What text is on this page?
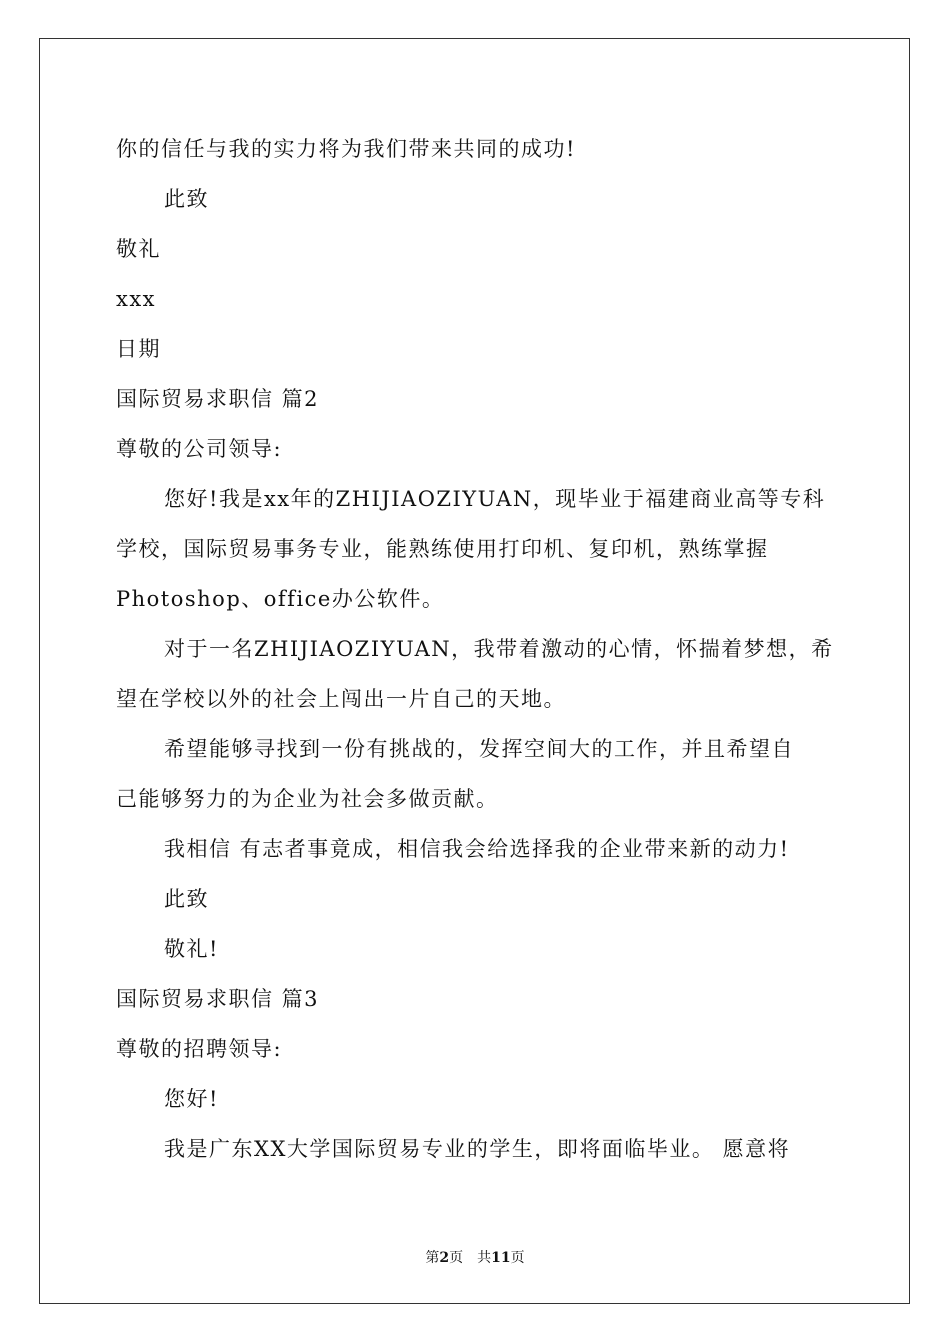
你的信任与我的实力将为我们带来共同的成功!
此致
敬礼
xxx
日期
国际贸易求职信 篇2
尊敬的公司领导:
您好!我是xx年的ZHIJIAOZIYUAN，现毕业于福建商业高等专科
学校，国际贸易事务专业，能熟练使用打印机、复印机，熟练掌握
Photoshop、office办公软件。
对于一名ZHIJIAOZIYUAN，我带着激动的心情，怀揣着梦想，希
望在学校以外的社会上闯出一片自己的天地。
希望能够寻找到一份有挑战的，发挥空间大的工作，并且希望自
己能够努力的为企业为社会多做贡献。
我相信 有志者事竟成，相信我会给选择我的企业带来新的动力!
此致
敬礼!
国际贸易求职信 篇3
尊敬的招聘领导:
您好!
我是广东XX大学国际贸易专业的学生，即将面临毕业。 愿意将
第2页 共11页
